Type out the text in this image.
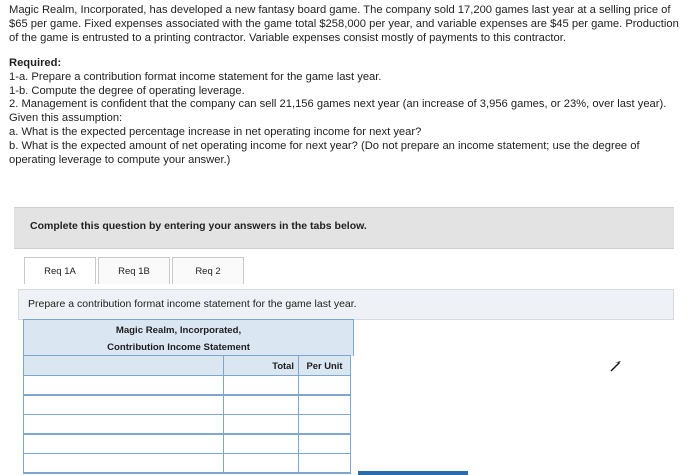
Magic Realm, Incorporated, has developed a new fantasy board game. The company sold 17,200 games last year at a selling price of $65 per game. Fixed expenses associated with the game total $258,000 per year, and variable expenses are $45 per game. Production of the game is entrusted to a printing contractor. Variable expenses consist mostly of payments to this contractor.

Required:

1-a. Prepare a contribution format income statement for the game last year.

1-b. Compute the degree of operating leverage.

2. Management is confident that the company can sell 21,156 games next year (an increase of 3,956 games, or 23%, over last year). Given this assumption:

a. What is the expected percentage increase in net operating income for next year?

b. What is the expected amount of net operating income for next year? (Do not prepare an income statement; use the degree of operating leverage to compute your answer.)

Complete this question by entering your answers in the tabs below.
Req 1A	Req 1B	Req 2
Prepare a contribution format income statement for the game last year.
Magic Realm, Incorporated,
Contribution Income Statement
	Total	Per Unit
